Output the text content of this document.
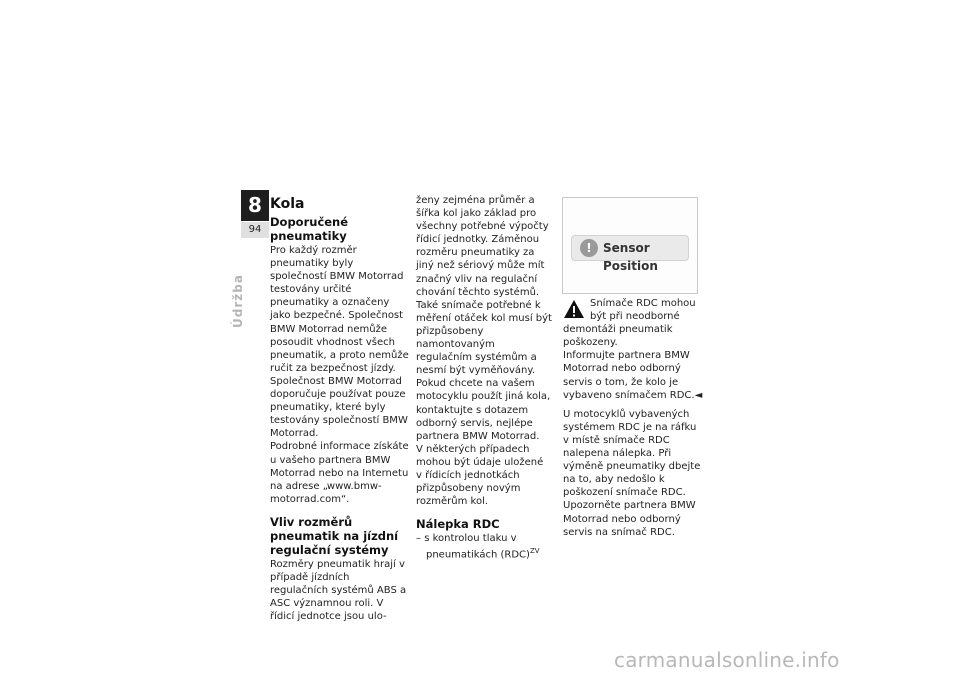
8
94
Údržba
Kola
Doporučené pneumatiky

Pro každý rozměr pneumatiky byly společností BMW Motorrad testovány určité pneumatiky a označeny jako bezpečné. Společnost BMW Motorrad nemůže posoudit vhodnost všech pneumatik, a proto nemůže ručit za bezpečnost jízdy.

Společnost BMW Motorrad doporučuje používat pouze pneumatiky, které byly testovány společností BMW Motorrad.

Podrobné informace získáte u vašeho partnera BMW Motorrad nebo na Internetu na adrese „www.bmw-motorrad.com“.

Vliv rozměrů pneumatik na jízdní regulační systémy

Rozměry pneumatik hrají v případě jízdních regulačních systémů ABS a ASC významnou roli. V řídicí jednotce jsou ulo-

ženy zejména průměr a šířka kol jako základ pro všechny potřebné výpočty řídicí jednotky. Záměnou rozměru pneumatiky za jiný než sériový může mít značný vliv na regulační chování těchto systémů.

Také snímače potřebné k měření otáček kol musí být přizpůsobeny namontovaným regulačním systémům a nesmí být vyměňovány.

Pokud chcete na vašem motocyklu použít jiná kola, kontaktujte s dotazem odborný servis, nejlépe partnera BMW Motorrad.

V některých případech mohou být údaje uložené v řídicích jednotkách přizpůsobeny novým rozměrům kol.

Nálepka RDC

– s kontrolou tlaku v pneumatikách (RDC)$^{ZV}$

! Sensor Position
Snímače RDC mohou být při neodborné demontáži pneumatik poškozeny.

Informujte partnera BMW Motorrad nebo odborný servis o tom, že kolo je vybaveno snímačem RDC.◄

U motocyklů vybavených systémem RDC je na ráfku v místě snímače RDC nalepena nálepka. Při výměně pneumatiky dbejte na to, aby nedošlo k poškození snímače RDC. Upozorněte partnera BMW Motorrad nebo odborný servis na snímač RDC.

carmanualsonline.info
